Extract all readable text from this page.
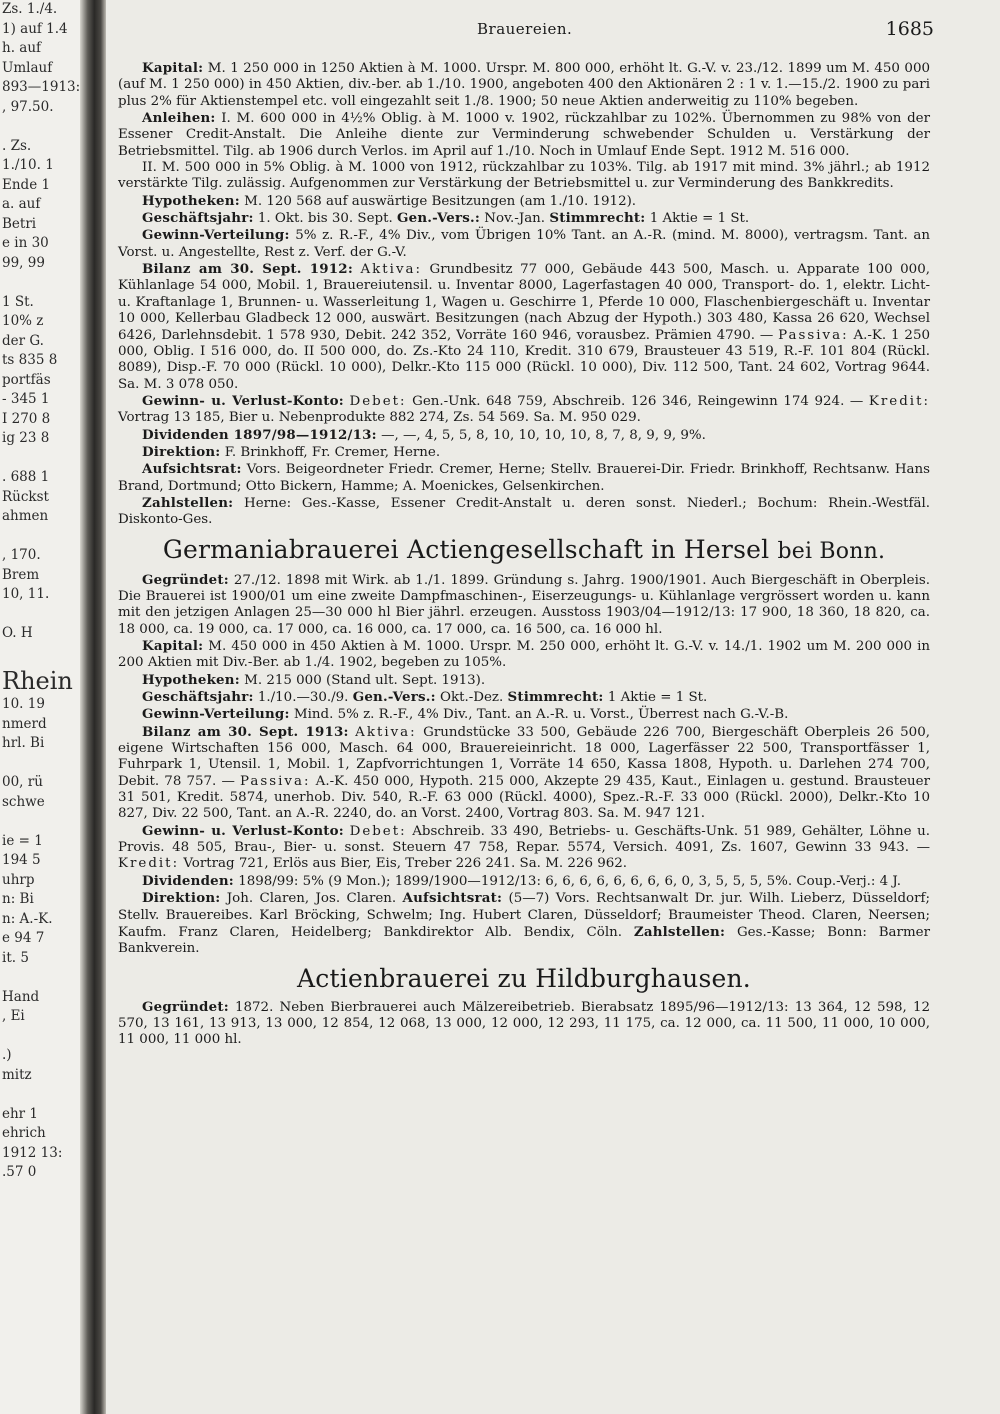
Zs. 1./4.
1) auf 1.4
h. auf
Umlauf
893—1913:
, 97.50.
. Zs.
1./10. 1
Ende 1
a. auf
Betri
e in 30
99, 99
1 St.
10% z
der G.
ts 835 8
portfäs
- 345 1
I 270 8
ig 23 8
. 688 1
Rückst
ahmen
, 170.
Brem
10, 11.
O. H
Rhein
10. 19
nmerd
hrl. Bi
00, rü
schwe
ie = 1
194 5
uhrp
n: Bi
n: A.-K.
e 94 7
it. 5
Hand
, Ei
.)
mitz
ehr 1
ehrich
1912 13:
.57 0
Brauereien.	1685

Kapital: M. 1 250 000 in 1250 Aktien à M. 1000. Urspr. M. 800 000, erhöht lt. G.-V. v. 23./12. 1899 um M. 450 000 (auf M. 1 250 000) in 450 Aktien, div.-ber. ab 1./10. 1900, angeboten 400 den Aktionären 2 : 1 v. 1.—15./2. 1900 zu pari plus 2% für Aktienstempel etc. voll eingezahlt seit 1./8. 1900; 50 neue Aktien anderweitig zu 110% begeben.

Anleihen: I. M. 600 000 in 4½% Oblig. à M. 1000 v. 1902, rückzahlbar zu 102%. Übernommen zu 98% von der Essener Credit-Anstalt. Die Anleihe diente zur Verminderung schwebender Schulden u. Verstärkung der Betriebsmittel. Tilg. ab 1906 durch Verlos. im April auf 1./10. Noch in Umlauf Ende Sept. 1912 M. 516 000.

II. M. 500 000 in 5% Oblig. à M. 1000 von 1912, rückzahlbar zu 103%. Tilg. ab 1917 mit mind. 3% jährl.; ab 1912 verstärkte Tilg. zulässig. Aufgenommen zur Verstärkung der Betriebsmittel u. zur Verminderung des Bankkredits.

Hypotheken: M. 120 568 auf auswärtige Besitzungen (am 1./10. 1912).

Geschäftsjahr: 1. Okt. bis 30. Sept. Gen.-Vers.: Nov.-Jan. Stimmrecht: 1 Aktie = 1 St.

Gewinn-Verteilung: 5% z. R.-F., 4% Div., vom Übrigen 10% Tant. an A.-R. (mind. M. 8000), vertragsm. Tant. an Vorst. u. Angestellte, Rest z. Verf. der G.-V.

Bilanz am 30. Sept. 1912: Aktiva: Grundbesitz 77 000, Gebäude 443 500, Masch. u. Apparate 100 000, Kühlanlage 54 000, Mobil. 1, Brauereiutensil. u. Inventar 8000, Lagerfastagen 40 000, Transport- do. 1, elektr. Licht- u. Kraftanlage 1, Brunnen- u. Wasserleitung 1, Wagen u. Geschirre 1, Pferde 10 000, Flaschenbiergeschäft u. Inventar 10 000, Kellerbau Gladbeck 12 000, auswärt. Besitzungen (nach Abzug der Hypoth.) 303 480, Kassa 26 620, Wechsel 6426, Darlehnsdebit. 1 578 930, Debit. 242 352, Vorräte 160 946, vorausbez. Prämien 4790. — Passiva: A.-K. 1 250 000, Oblig. I 516 000, do. II 500 000, do. Zs.-Kto 24 110, Kredit. 310 679, Brausteuer 43 519, R.-F. 101 804 (Rückl. 8089), Disp.-F. 70 000 (Rückl. 10 000), Delkr.-Kto 115 000 (Rückl. 10 000), Div. 112 500, Tant. 24 602, Vortrag 9644. Sa. M. 3 078 050.

Gewinn- u. Verlust-Konto: Debet: Gen.-Unk. 648 759, Abschreib. 126 346, Reingewinn 174 924. — Kredit: Vortrag 13 185, Bier u. Nebenprodukte 882 274, Zs. 54 569. Sa. M. 950 029.

Dividenden 1897/98—1912/13: —, —, 4, 5, 5, 8, 10, 10, 10, 10, 8, 7, 8, 9, 9, 9%.

Direktion: F. Brinkhoff, Fr. Cremer, Herne.

Aufsichtsrat: Vors. Beigeordneter Friedr. Cremer, Herne; Stellv. Brauerei-Dir. Friedr. Brinkhoff, Rechtsanw. Hans Brand, Dortmund; Otto Bickern, Hamme; A. Moenickes, Gelsenkirchen.

Zahlstellen: Herne: Ges.-Kasse, Essener Credit-Anstalt u. deren sonst. Niederl.; Bochum: Rhein.-Westfäl. Diskonto-Ges.

Germaniabrauerei Actiengesellschaft in Hersel bei Bonn.

Gegründet: 27./12. 1898 mit Wirk. ab 1./1. 1899. Gründung s. Jahrg. 1900/1901. Auch Biergeschäft in Oberpleis. Die Brauerei ist 1900/01 um eine zweite Dampfmaschinen-, Eiserzeugungs- u. Kühlanlage vergrössert worden u. kann mit den jetzigen Anlagen 25—30 000 hl Bier jährl. erzeugen. Ausstoss 1903/04—1912/13: 17 900, 18 360, 18 820, ca. 18 000, ca. 19 000, ca. 17 000, ca. 16 000, ca. 17 000, ca. 16 500, ca. 16 000 hl.

Kapital: M. 450 000 in 450 Aktien à M. 1000. Urspr. M. 250 000, erhöht lt. G.-V. v. 14./1. 1902 um M. 200 000 in 200 Aktien mit Div.-Ber. ab 1./4. 1902, begeben zu 105%.

Hypotheken: M. 215 000 (Stand ult. Sept. 1913).

Geschäftsjahr: 1./10.—30./9. Gen.-Vers.: Okt.-Dez. Stimmrecht: 1 Aktie = 1 St.

Gewinn-Verteilung: Mind. 5% z. R.-F., 4% Div., Tant. an A.-R. u. Vorst., Überrest nach G.-V.-B.

Bilanz am 30. Sept. 1913: Aktiva: Grundstücke 33 500, Gebäude 226 700, Biergeschäft Oberpleis 26 500, eigene Wirtschaften 156 000, Masch. 64 000, Brauereieinricht. 18 000, Lagerfässer 22 500, Transportfässer 1, Fuhrpark 1, Utensil. 1, Mobil. 1, Zapfvorrichtungen 1, Vorräte 14 650, Kassa 1808, Hypoth. u. Darlehen 274 700, Debit. 78 757. — Passiva: A.-K. 450 000, Hypoth. 215 000, Akzepte 29 435, Kaut., Einlagen u. gestund. Brausteuer 31 501, Kredit. 5874, unerhob. Div. 540, R.-F. 63 000 (Rückl. 4000), Spez.-R.-F. 33 000 (Rückl. 2000), Delkr.-Kto 10 827, Div. 22 500, Tant. an A.-R. 2240, do. an Vorst. 2400, Vortrag 803. Sa. M. 947 121.

Gewinn- u. Verlust-Konto: Debet: Abschreib. 33 490, Betriebs- u. Geschäfts-Unk. 51 989, Gehälter, Löhne u. Provis. 48 505, Brau-, Bier- u. sonst. Steuern 47 758, Repar. 5574, Versich. 4091, Zs. 1607, Gewinn 33 943. — Kredit: Vortrag 721, Erlös aus Bier, Eis, Treber 226 241. Sa. M. 226 962.

Dividenden: 1898/99: 5% (9 Mon.); 1899/1900—1912/13: 6, 6, 6, 6, 6, 6, 6, 6, 0, 3, 5, 5, 5, 5%. Coup.-Verj.: 4 J.

Direktion: Joh. Claren, Jos. Claren. Aufsichtsrat: (5—7) Vors. Rechtsanwalt Dr. jur. Wilh. Lieberz, Düsseldorf; Stellv. Brauereibes. Karl Bröcking, Schwelm; Ing. Hubert Claren, Düsseldorf; Braumeister Theod. Claren, Neersen; Kaufm. Franz Claren, Heidelberg; Bankdirektor Alb. Bendix, Cöln. Zahlstellen: Ges.-Kasse; Bonn: Barmer Bankverein.

Actienbrauerei zu Hildburghausen.

Gegründet: 1872. Neben Bierbrauerei auch Mälzereibetrieb. Bierabsatz 1895/96—1912/13: 13 364, 12 598, 12 570, 13 161, 13 913, 13 000, 12 854, 12 068, 13 000, 12 000, 12 293, 11 175, ca. 12 000, ca. 11 500, 11 000, 10 000, 11 000, 11 000 hl.
